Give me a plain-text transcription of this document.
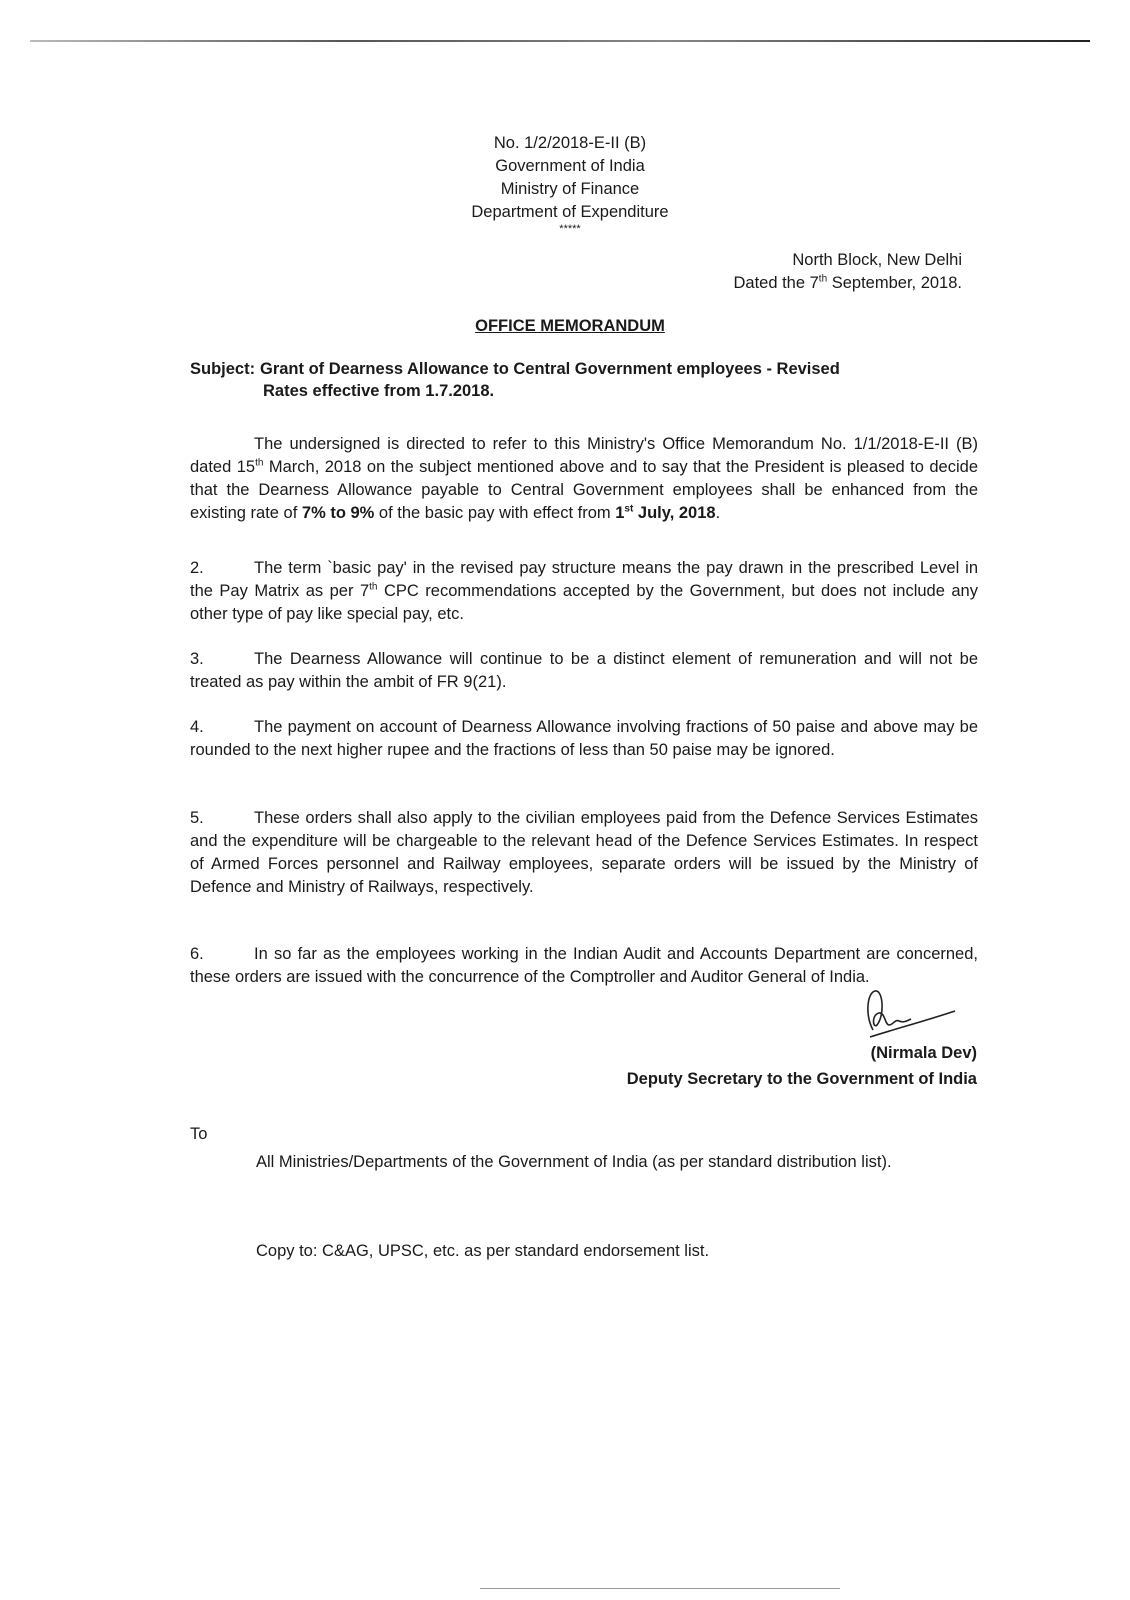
No. 1/2/2018-E-II (B)
Government of India
Ministry of Finance
Department of Expenditure
*****
North Block, New Delhi
Dated the 7th September, 2018.
OFFICE MEMORANDUM
Subject: Grant of Dearness Allowance to Central Government employees - Revised
Rates effective from 1.7.2018.
The undersigned is directed to refer to this Ministry's Office Memorandum No. 1/1/2018-E-II (B) dated 15th March, 2018 on the subject mentioned above and to say that the President is pleased to decide that the Dearness Allowance payable to Central Government employees shall be enhanced from the existing rate of 7% to 9% of the basic pay with effect from 1st July, 2018.
2.	The term `basic pay' in the revised pay structure means the pay drawn in the prescribed Level in the Pay Matrix as per 7th CPC recommendations accepted by the Government, but does not include any other type of pay like special pay, etc.
3.	The Dearness Allowance will continue to be a distinct element of remuneration and will not be treated as pay within the ambit of FR 9(21).
4.	The payment on account of Dearness Allowance involving fractions of 50 paise and above may be rounded to the next higher rupee and the fractions of less than 50 paise may be ignored.
5.	These orders shall also apply to the civilian employees paid from the Defence Services Estimates and the expenditure will be chargeable to the relevant head of the Defence Services Estimates. In respect of Armed Forces personnel and Railway employees, separate orders will be issued by the Ministry of Defence and Ministry of Railways, respectively.
6.	In so far as the employees working in the Indian Audit and Accounts Department are concerned, these orders are issued with the concurrence of the Comptroller and Auditor General of India.
(Nirmala Dev)
Deputy Secretary to the Government of India
To
All Ministries/Departments of the Government of India (as per standard distribution list).
Copy to: C&AG, UPSC, etc. as per standard endorsement list.
